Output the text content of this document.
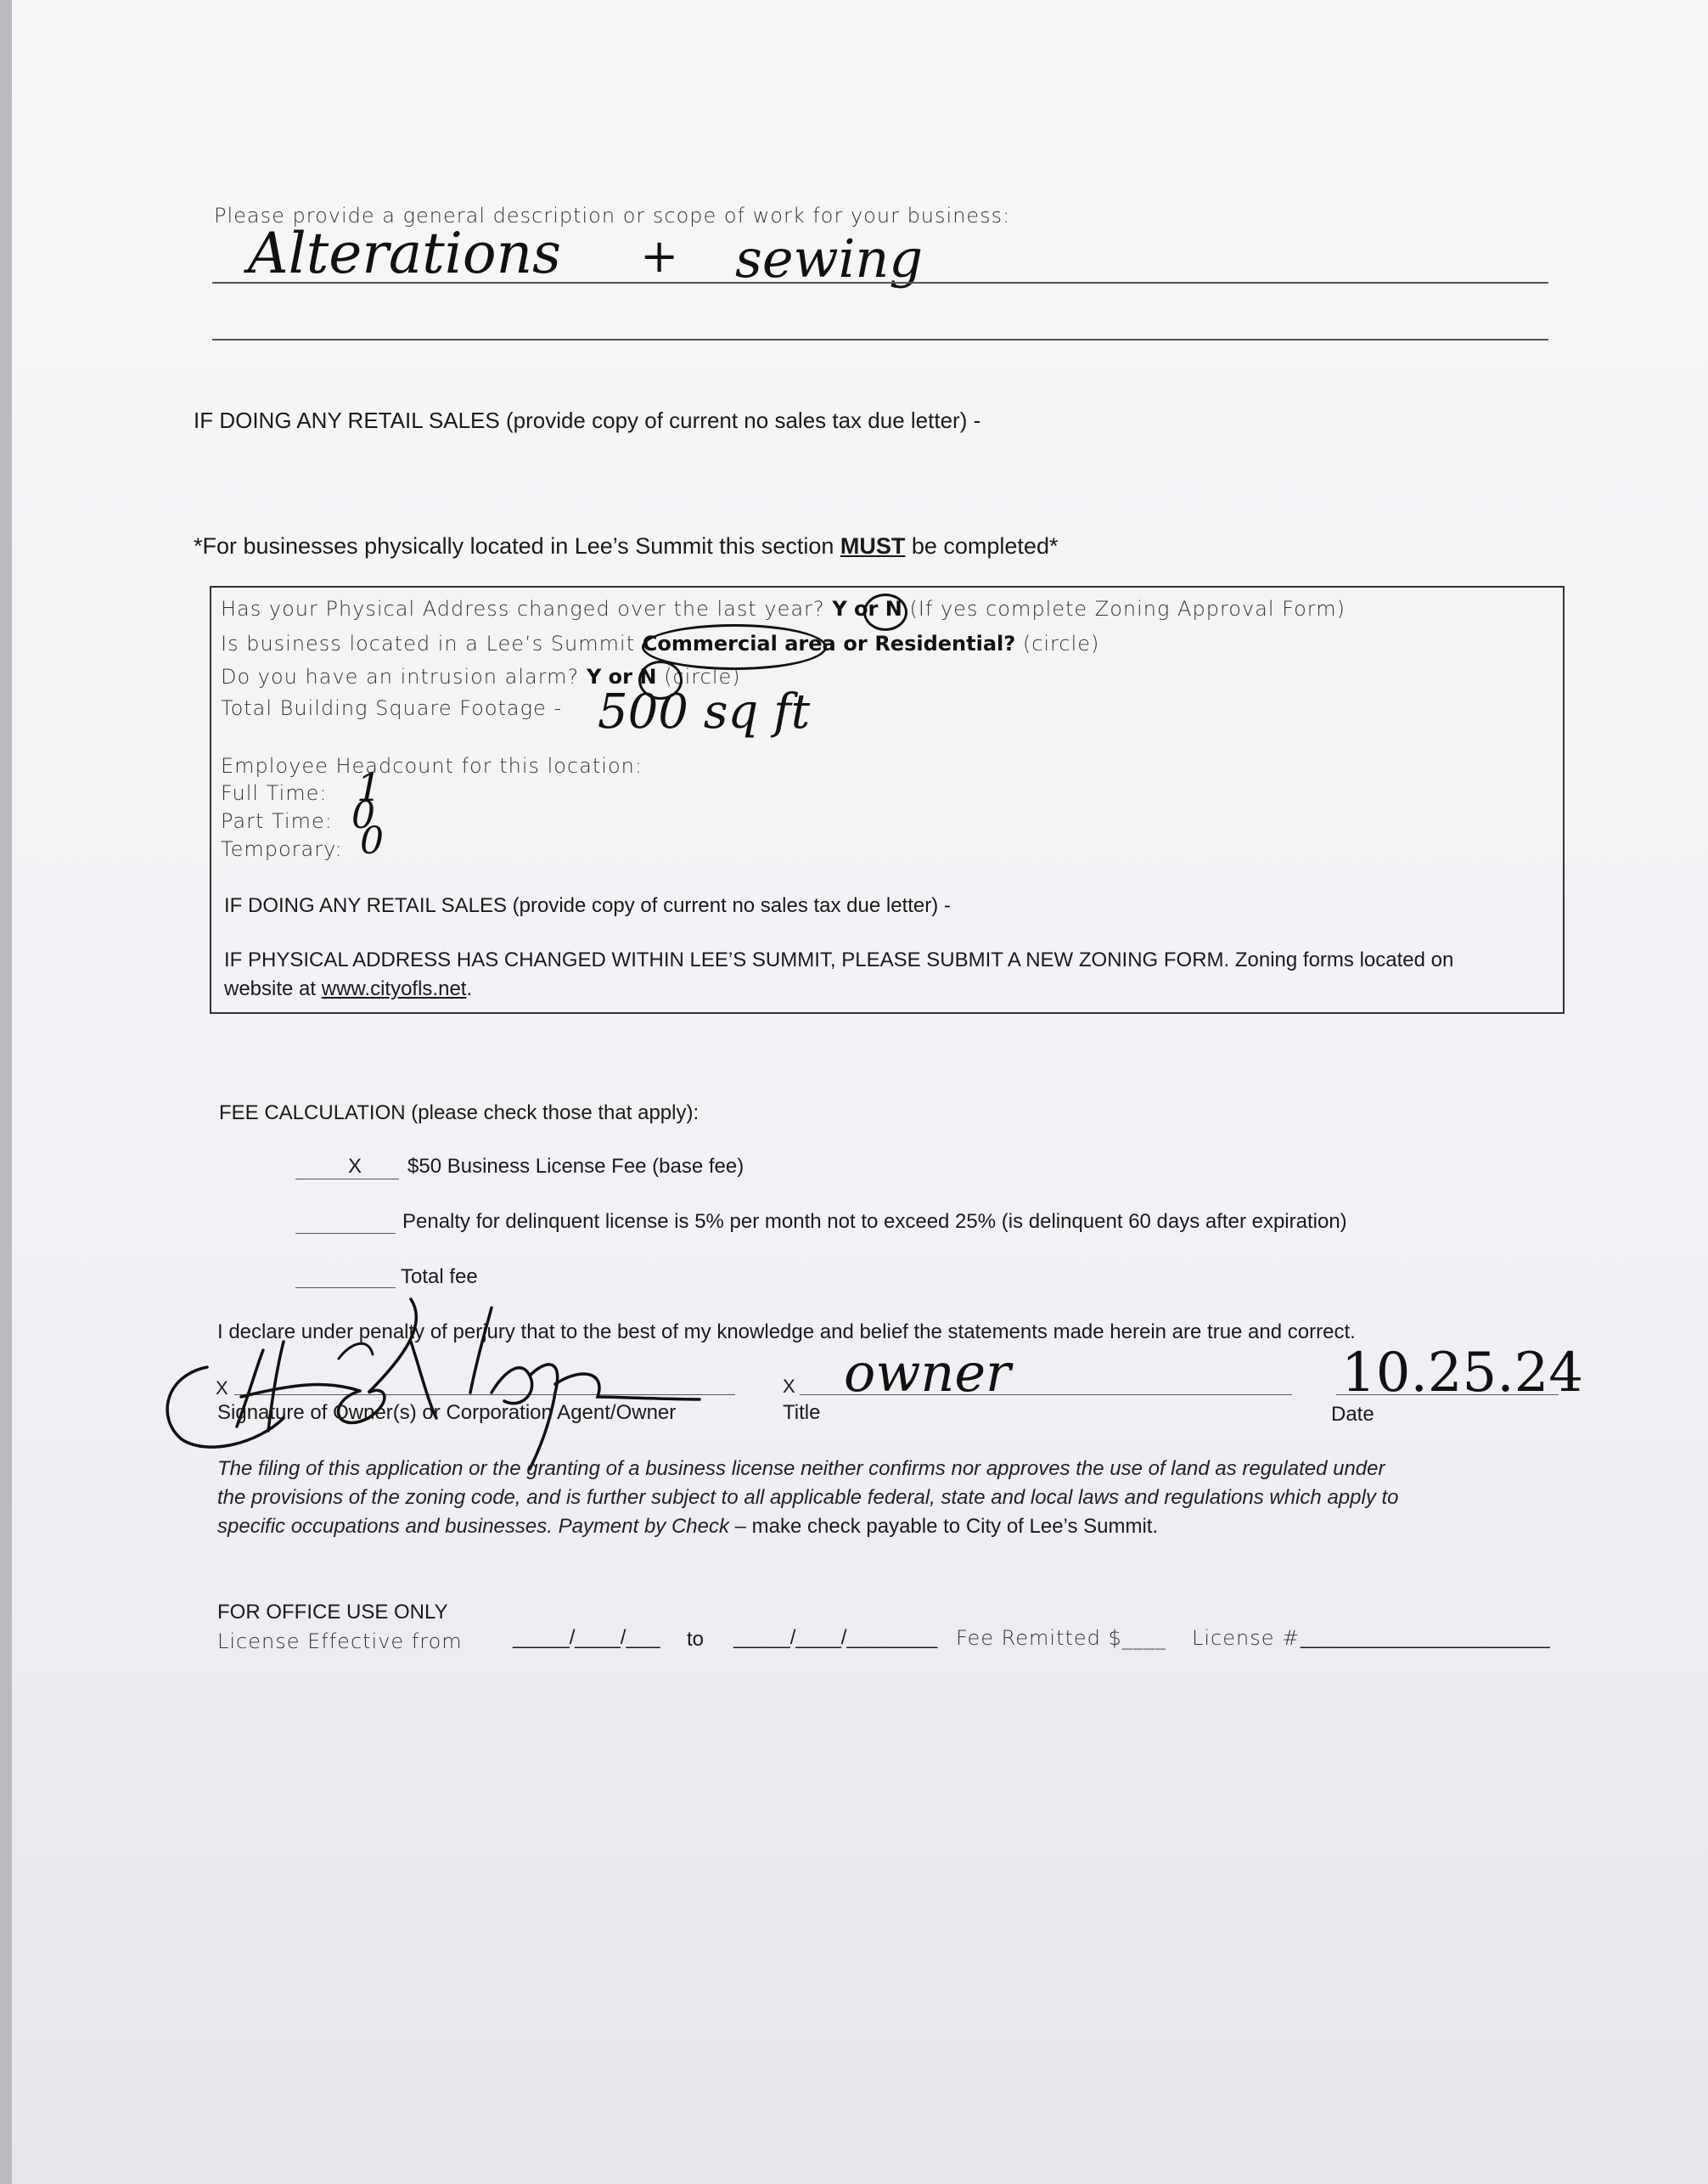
Please provide a general description or scope of work for your business:
Alterations + sewing
IF DOING ANY RETAIL SALES (provide copy of current no sales tax due letter) -
*For businesses physically located in Lee’s Summit this section MUST be completed*
Has your Physical Address changed over the last year? Y or N (If yes complete Zoning Approval Form)
Is business located in a Lee’s Summit Commercial area or Residential? (circle)
Do you have an intrusion alarm? Y or N (circle)
Total Building Square Footage - 500 sq ft
Employee Headcount for this location:
Full Time: 1
Part Time: 0
Temporary: 0
IF DOING ANY RETAIL SALES (provide copy of current no sales tax due letter) -
IF PHYSICAL ADDRESS HAS CHANGED WITHIN LEE’S SUMMIT, PLEASE SUBMIT A NEW ZONING FORM. Zoning forms located on
website at www.cityofls.net.
FEE CALCULATION (please check those that apply):
X $50 Business License Fee (base fee)
Penalty for delinquent license is 5% per month not to exceed 25% (is delinquent 60 days after expiration)
Total fee
I declare under penalty of perjury that to the best of my knowledge and belief the statements made herein are true and correct.
X	X owner	10.25.24
Signature of Owner(s) or Corporation Agent/Owner	Title	Date
The filing of this application or the granting of a business license neither confirms nor approves the use of land as regulated under
the provisions of the zoning code, and is further subject to all applicable federal, state and local laws and regulations which apply to
specific occupations and businesses. Payment by Check – make check payable to City of Lee’s Summit.
FOR OFFICE USE ONLY
License Effective from _____/____/___ to _____/____/________ Fee Remitted $____ License # ______________________
